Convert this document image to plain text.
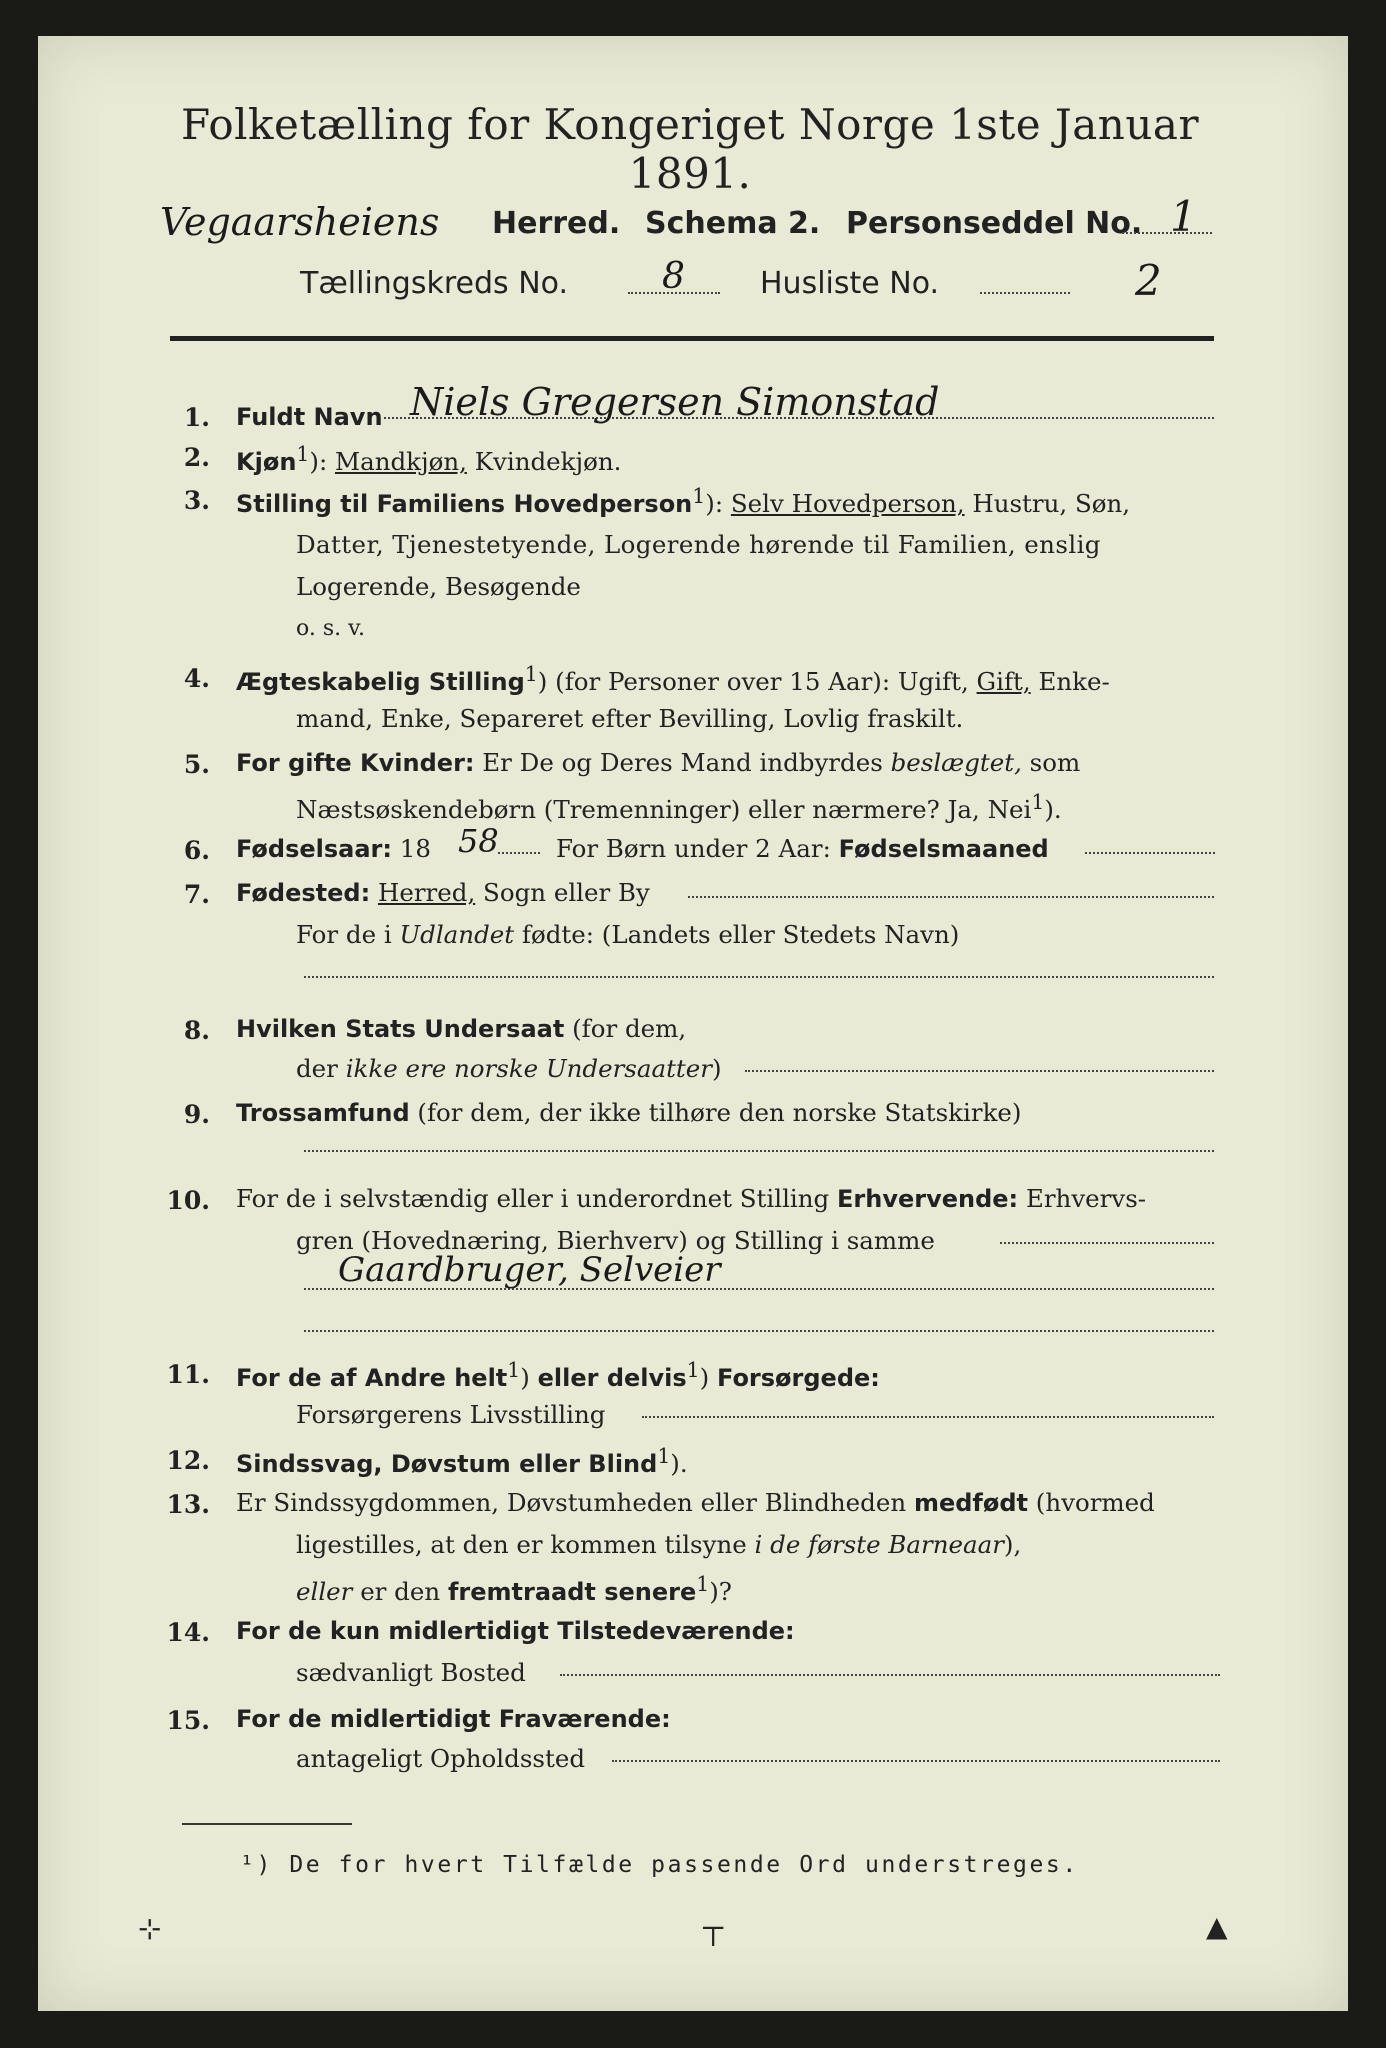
Folketælling for Kongeriget Norge 1ste Januar 1891.
Vegaarsheiens Herred. Schema 2. Personseddel No. 1
Tællingskreds No.	8	Husliste No.	2
1. Fuldt Navn Niels Gregersen Simonstad
2. Kjøn$^1$): Mandkjøn, Kvindekjøn.
3. Stilling til Familiens Hovedperson$^1$): Selv Hovedperson, Hustru, Søn,
Datter, Tjenestetyende, Logerende hørende til Familien, enslig
Logerende, Besøgende
o. s. v.
4. Ægteskabelig Stilling$^1$) (for Personer over 15 Aar): Ugift, Gift, Enke-
mand, Enke, Separeret efter Bevilling, Lovlig fraskilt.
5. For gifte Kvinder: Er De og Deres Mand indbyrdes beslægtet, som
Næstsøskendebørn (Tremenninger) eller nærmere? Ja, Nei$^1$).
6. Fødselsaar: 18 58 For Børn under 2 Aar: Fødselsmaaned
7. Fødested: Herred, Sogn eller By
For de i Udlandet fødte: (Landets eller Stedets Navn)
8. Hvilken Stats Undersaat (for dem,
der ikke ere norske Undersaatter)
9. Trossamfund (for dem, der ikke tilhøre den norske Statskirke)
10. For de i selvstændig eller i underordnet Stilling Erhvervende: Erhvervs-
gren (Hovednæring, Bierhverv) og Stilling i samme
Gaardbruger, Selveier
11. For de af Andre helt$^1$) eller delvis$^1$) Forsørgede:
Forsørgerens Livsstilling
12. Sindssvag, Døvstum eller Blind$^1$).
13. Er Sindssygdommen, Døvstumheden eller Blindheden medfødt (hvormed
ligestilles, at den er kommen tilsyne i de første Barneaar),
eller er den fremtraadt senere$^1$)?
14. For de kun midlertidigt Tilstedeværende:
sædvanligt Bosted
15. For de midlertidigt Fraværende:
antageligt Opholdssted
¹) De for hvert Tilfælde passende Ord understreges.
⊹	⊤	▲
